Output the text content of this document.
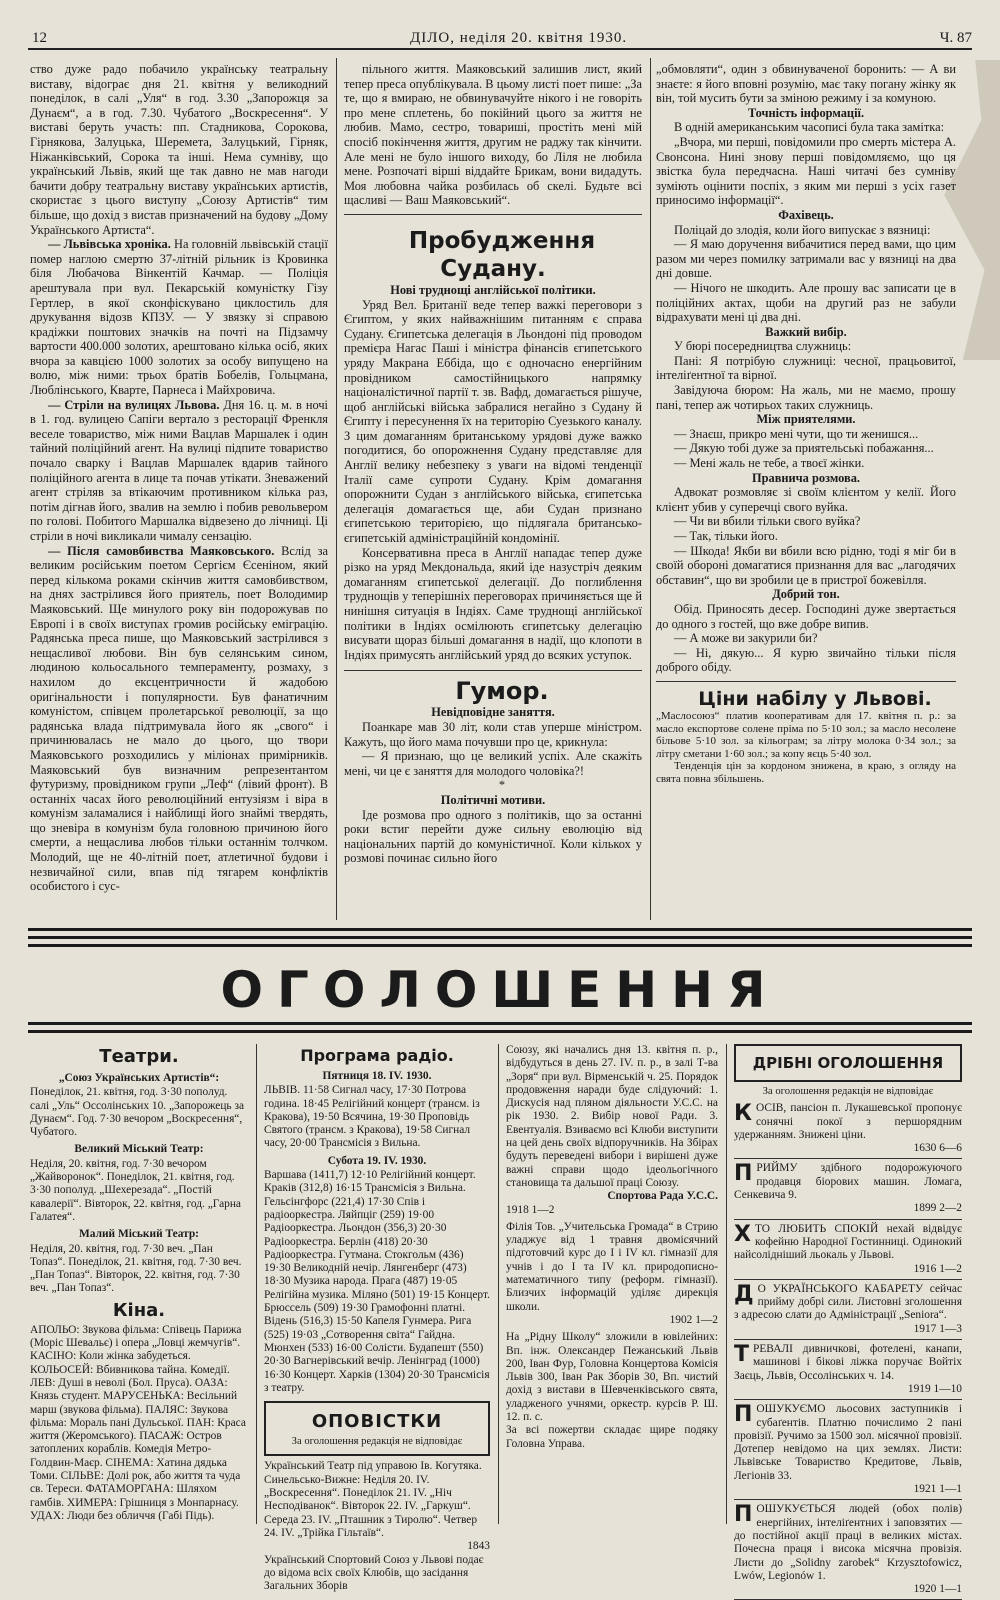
12	ДІЛО, неділя 20. квітня 1930.	Ч. 87

ство дуже радо побачило українську театральну виставу, відограє дня 21. квітня у великодний понеділок, в салі „Уля“ в год. 3.30 „Запорожця за Дунаєм“, а в год. 7.30. Чубатого „Воскресення“. У виставі беруть участь: пп. Стадникова, Сорокова, Гірнякова, Залуцька, Шеремета, Залуцький, Гірняк, Ніжанківський, Сорока та інші. Нема сумніву, що український Львів, який ще так давно не мав нагоди бачити добру театральну виставу українських артистів, скористає з цього виступу „Союзу Артистів“ тим більше, що дохід з вистав призначений на будову „Дому Українського Артиста“.

— Львівська хроніка. На головній львівській стації помер наглою смертю 37-літній рільник із Кровинка біля Любачова Вінкентій Качмар. — Поліція арештувала при вул. Пекарській комуністку Гізу Гертлер, в якої сконфіскувано циклостиль для друкування відозв КПЗУ. — У звязку зі справою крадіжки поштових значків на почті на Підзамчу вартости 400.000 золотих, арештовано кілька осіб, яких вчора за кавцією 1000 золотих за особу випущено на волю, між ними: трьох братів Бобелів, Гольцмана, Люблінського, Кварте, Парнеса і Майхровича.

— Стріли на вулицях Львова. Дня 16. ц. м. в ночі в 1. год. вулицею Сапіги вертало з ресторації Френкля веселе товариство, між ними Вацлав Маршалек і один тайний поліційний агент. На вулиці підпите товариство почало сварку і Вацлав Маршалек вдарив тайного поліційного агента в лице та почав утікати. Зневажений агент стріляв за втікаючим противником кілька раз, потім дігнав його, звалив на землю і побив револьвером по голові. Побитого Маршалка відвезено до лічниці. Ці стріли в ночі викликали чималу сензацію.

— Після самовбивства Маяковського. Вслід за великим російським поетом Сергієм Єсеніном, який перед кількома роками скінчив життя самовбивством, на днях застрілився його приятель, поет Володимир Маяковський. Ще минулого року він подорожував по Европі і в своїх виступах громив російську еміграцію. Радянська преса пише, що Маяковський застрілився з нещасливої любови. Він був селянським сином, людиною кольосального темпераменту, розмаху, з нахилом до ексцентричности й жадобою оригінальности і популярности. Був фанатичним комуністом, співцем пролетарської революції, за що радянська влада підтримувала його як „свого“ і причинювалась не мало до цього, що твори Маяковського розходились у міліонах примірників. Маяковський був визначним репрезентантом футуризму, провідником групи „Леф“ (лівий фронт). В останніх часах його революційний ентузіязм і віра в комунізм заламалися і найблищі його знаймі твердять, що зневіра в комунізм була головною причиною його смерти, а нещаслива любов тільки останнім толчком. Молодий, ще не 40-літній поет, атлетичної будови і незвичайної сили, впав під тягарем конфліктів особистого і сус-

пільного життя. Маяковський залишив лист, який тепер преса опублікувала. В цьому листі поет пише: „За те, що я вмираю, не обвинувачуйте нікого і не говоріть про мене сплетень, бо покійний цього за життя не любив. Мамо, сестро, товариші, простіть мені мій спосіб покінчення життя, другим не раджу так кінчити. Але мені не було іншого виходу, бо Ліля не любила мене. Розпочаті вірші віддайте Брикам, вони видадуть. Моя любовна чайка розбилась об скелі. Будьте всі щасливі — Ваш Маяковський“.

Пробудження Судану.

Нові труднощі англійської політики.

Уряд Вел. Британії веде тепер важкі переговори з Єгиптом, у яких найважнішим питанням є справа Судану. Єгипетська делегація в Льондоні під проводом премієра Нагас Паші і міністра фінансів єгипетського уряду Макрана Еббіда, що є одночасно енергійним провідником самостійницького напрямку націоналістичної партії т. зв. Вафд, домагається рішуче, щоб англійські війська забралися негайно з Судану й Єгипту і пересунення їх на територію Суезького каналу. З цим домаганням британському урядові дуже важко погодитися, бо опорожнення Судану представляє для Англії велику небезпеку з уваги на відомі тенденції Італії саме супроти Судану. Крім домагання опорожнити Судан з англійського війська, єгипетська делегація домагається ще, аби Судан признано єгипетською територією, що підлягала британсько-єгипетській адміністраційній кондомінії.

Консервативна преса в Англії нападає тепер дуже різко на уряд Мекдональда, який іде назустріч деяким домаганням єгипетської делегації. До поглиблення труднощів у теперішніх переговорах причиняється ще й нинішня ситуація в Індіях. Саме труднощі англійської політики в Індіях осмілюють єгипетську делегацію висувати щораз більші домагання в надії, що клопоти в Індіях примусять англійський уряд до всяких уступок.

Гумор.

Невідповідне заняття.

Поанкаре мав 30 літ, коли став уперше міністром. Кажуть, що його мама почувши про це, крикнула:

— Я признаю, що це великий успіх. Але скажіть мені, чи це є заняття для молодого чоловіка?!

*

Політичні мотиви.

Іде розмова про одного з політиків, що за останні роки встиг перейти дуже сильну еволюцію від національних партій до комуністичної. Коли кількох у розмові починає сильно його

„обмовляти“, один з обвинуваченої боронить: — А ви знаєте: я його вповні розумію, має таку погану жінку як він, той мусить бути за зміною режиму і за комуною.

Точність інформації.

В одній американським часописі була така замітка:

„Вчора, ми перші, повідомили про смерть містера А. Свонсона. Нині знову перші повідомляємо, що ця звістка була передчасна. Наші читачі без сумніву зуміють оцінити поспіх, з яким ми перші з усіх газет приносимо інформації“.

Фахівець.

Поліцай до злодія, коли його випускає з вязниці:

— Я маю доручення вибачитися перед вами, що цим разом ми через помилку затримали вас у вязниці на два дні довше.

— Нічого не шкодить. Але прошу вас записати це в поліційних актах, щоби на другий раз не забули відрахувати мені ці два дні.

Важкий вибір.

У бюрі посередництва служниць:

Пані: Я потрібую служниці: чесної, працьовитої, інтеліґентної та вірної.

Завідуюча бюром: На жаль, ми не маємо, прошу пані, тепер аж чотирьох таких служниць.

Між приятелями.

— Знаєш, прикро мені чути, що ти женишся...

— Дякую тобі дуже за приятельські побажання...

— Мені жаль не тебе, а твоєї жінки.

Правнича розмова.

Адвокат розмовляє зі своїм клієнтом у келії. Його клієнт убив у суперечці свого вуйка.

— Чи ви вбили тільки свого вуйка?

— Так, тільки його.

— Шкода! Якби ви вбили всю рідню, тоді я міг би в своїй обороні домагатися признання для вас „лагодячих обставин“, що ви зробили це в пристрої божевілля.

Добрий тон.

Обід. Приносять десер. Господині дуже звертається до одного з гостей, що вже добре випив.

— А може ви закурили би?

— Ні, дякую... Я курю звичайно тільки після доброго обіду.

Ціни набілу у Львові.

„Маслосоюз“ платив кооперативам для 17. квітня п. р.: за масло експортове солене пріма по 5·10 зол.; за масло несолене більове 5·10 зол. за кільограм; за літру молока 0·34 зол.; за літру сметани 1·60 зол.; за копу яєць 5·40 зол.

Тенденція цін за кордоном зниженa, в краю, з огляду на свята повна збільшень.

ОГОЛОШЕННЯ

Театри.

„Союз Українських Артистів“:

Понеділок, 21. квітня, год. 3·30 пополуд. салі „Уль“ Оссолінських 10. „Запорожець за Дунаєм“. Год. 7·30 вечором „Воскресення“, Чубатого.

Великий Міський Театр:

Неділя, 20. квітня, год. 7·30 вечором „Жайворонок“. Понеділок, 21. квітня, год. 3·30 пополуд. „Шехерезада“. „Постій кавалерії“. Вівторок, 22. квітня, год. „Гарна Галатея“.

Малий Міський Театр:

Неділя, 20. квітня, год. 7·30 веч. „Пан Топаз“. Понеділок, 21. квітня, год. 7·30 веч. „Пан Топаз“. Вівторок, 22. квітня, год. 7·30 веч. „Пан Топаз“.

Кіна.

АПОЛЬО: Звукова фільма: Співець Парижа (Моріс Шевальє) і опера „Ловці жемчугів“. КАСІНО: Коли жінка забудеться. КОЛЬОСЕЙ: Вбивникова тайна. Комедії. ЛЕВ: Душі в неволі (Бол. Пруса). ОАЗА: Князь студент. МАРУСЕНЬКА: Весільний марш (звукова фільма). ПАЛЯС: Звукова фільма: Мораль пані Дульської. ПАН: Краса життя (Жеромського). ПАСАЖ: Остров затоплених кораблів. Комедія Метро-Голдвин-Маєр. СІНЕМА: Хатина дядька Томи. СІЛЬВЕ: Долі рок, або життя та чуда св. Тереси. ФАТАМОРГАНА: Шляхом гамбів. ХИМЕРА: Грішниця з Монпарнасу. УДАХ: Люди без обличчя (Габі Підь).

Програма радіо.

Пятниця 18. IV. 1930.

ЛЬВІВ. 11·58 Сигнал часу, 17·30 Потрова година. 18·45 Релігійний концерт (трансм. із Кракова), 19·50 Всячина, 19·30 Проповідь Святого (трансм. з Кракова), 19·58 Сигнал часу, 20·00 Трансмісія з Вильна.

Субота 19. IV. 1930.

Варшава (1411,7) 12·10 Релігійний концерт. Краків (312,8) 16·15 Трансмісія з Вильна. Гельсінгфорс (221,4) 17·30 Спів і радіооркестра. Ляйпціг (259) 19·00 Радіооркестра. Льондон (356,3) 20·30 Радіооркестра. Берлін (418) 20·30 Радіооркестра. Гутмана. Стокгольм (436) 19·30 Великодній нечір. Лянгенберг (473) 18·30 Музика народа. Прага (487) 19·05 Релігійна музика. Міляно (501) 19·15 Концерт. Брюссель (509) 19·30 Грамофонні платні. Відень (516,3) 15·50 Капеля Гунмера. Рига (525) 19·03 „Сотворення світа“ Гайдна. Мюнхен (533) 16·00 Солісти. Будапешт (550) 20·30 Вагнерівський вечір. Ленінград (1000) 16·30 Концерт. Харків (1304) 20·30 Трансмісія з театру.

ОПОВІСТКИ

За оголошення редакція не відповідає

Український Театр під управою Ів. Когутяка. Синельсько-Вижне: Неділя 20. IV. „Воскресення“. Понеділок 21. IV. „Ніч Несподіванок“. Вівторок 22. IV. „Гаркуш“. Середа 23. IV. „Пташник з Тиролю“. Четвер 24. IV. „Трійка Гільтаїв“.

1843

Український Спортовий Союз у Львові подає до відома всіх своїх Клюбів, що засідання Загальних Зборів

Союзу, які начались дня 13. квітня п. р., відбудуться в день 27. IV. п. р., в залі Т-ва „Зоря“ при вул. Вірменській ч. 25. Порядок продовження наради буде слідуючий: 1. Дискусія над пляном діяльности У.С.С. на рік 1930. 2. Вибір нової Ради. 3. Евентуалія. Взиваємо всі Клюби виступити на цей день своїх відпоручників. На Збірах будуть переведені вибори і вирішені дуже важні справи щодо ідеольогічного становища та дальшої праці Союзу.

Спортова Рада У.С.С.

1918 1—2

Філія Тов. „Учительська Громада“ в Стрию уладжує від 1 травня двомісячний підготовчий курс до I і IV кл. гімназії для учнів і до І та IV кл. природописно-математичного типу (реформ. гімназії). Близчих інформацій уділяє дирекція школи.

1902 1—2

На „Рідну Школу“ зложили в ювілейних: Вп. інж. Олександер Пежанський Львів 200, Іван Фур, Головна Концертова Комісія Львів 300, Іван Рак Зборів 30, Вп. чистий дохід з вистави в Шевченківського свята, уладженого учнями, оркестр. курсів Р. Ш. 12. п. с.

За всі пожертви складає щире подяку Головна Управа.

ДРІБНІ ОГОЛОШЕННЯ

За оголошення редакція не відповідає

КОСІВ, пансіон п. Лукашевської пропонує сонячні покої з першорядним удержанням. Знижені ціни.
1630 6—6
ПРИЙМУ здібного подорожуючого продавця біорових машин. Ломага, Сенкевича 9.
1899 2—2
ХТО ЛЮБИТЬ СПОКІЙ нехай відвідує кофейню Народної Гостинниці. Одинокий найсолідніший льокаль у Львові.
1916 1—2
Д О УКРАЇНСЬКОГО КАБАРЕТУ сейчас прийму добрі сили. Листовні зголошення з адресою слати до Адміністрації „Seniora“.
1917 1—3
ТРЕВАЛІ дивничкові, фотелені, канапи, машинові і бікові ліжка поручає Войтіх Заєць, Львів, Оссолінських ч. 14.
1919 1—10
ПОШУКУЄМО льосових заступників і субаґентів. Платню почислимо 2 пані провізії. Ручимо за 1500 зол. місячної провізії. Дотепер невідомо на цих землях. Листи: Львівське Товариство Кредитове, Львів, Легіонів 33.
1921 1—1
ПОШУКУЄТЬСЯ людей (обох полів) енергійних, інтеліґентних і заповзятих — до постійної акції праці в великих містах. Почесна праця і висока місячна провізія. Листи до „Solidny zarobek“ Krzysztofowicz, Lwów, Legionów 1.
1920 1—1
